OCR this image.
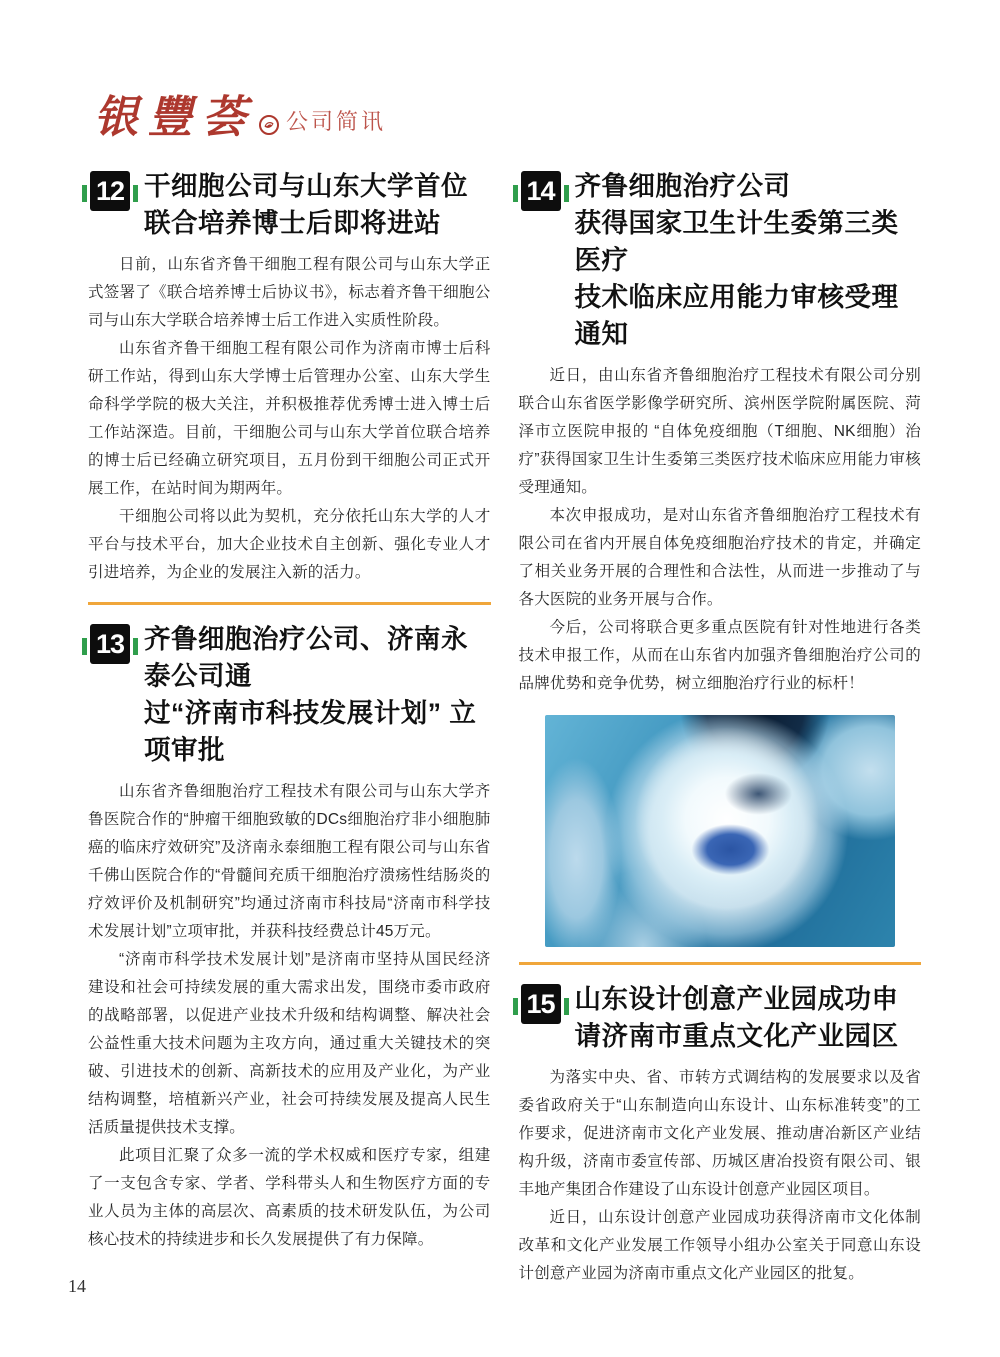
银豐荟 公司简讯
12 干细胞公司与山东大学首位
联合培养博士后即将进站

日前，山东省齐鲁干细胞工程有限公司与山东大学正式签署了《联合培养博士后协议书》，标志着齐鲁干细胞公司与山东大学联合培养博士后工作进入实质性阶段。

山东省齐鲁干细胞工程有限公司作为济南市博士后科研工作站，得到山东大学博士后管理办公室、山东大学生命科学学院的极大关注，并积极推荐优秀博士进入博士后工作站深造。目前，干细胞公司与山东大学首位联合培养的博士后已经确立研究项目，五月份到干细胞公司正式开展工作，在站时间为期两年。

干细胞公司将以此为契机，充分依托山东大学的人才平台与技术平台，加大企业技术自主创新、强化专业人才引进培养，为企业的发展注入新的活力。

13 齐鲁细胞治疗公司、济南永泰公司通
过“济南市科技发展计划” 立项审批

山东省齐鲁细胞治疗工程技术有限公司与山东大学齐鲁医院合作的“肿瘤干细胞致敏的DCs细胞治疗非小细胞肺癌的临床疗效研究”及济南永泰细胞工程有限公司与山东省千佛山医院合作的“骨髓间充质干细胞治疗溃疡性结肠炎的疗效评价及机制研究”均通过济南市科技局“济南市科学技术发展计划”立项审批，并获科技经费总计45万元。

“济南市科学技术发展计划”是济南市坚持从国民经济建设和社会可持续发展的重大需求出发，围绕市委市政府的战略部署，以促进产业技术升级和结构调整、解决社会公益性重大技术问题为主攻方向，通过重大关键技术的突破、引进技术的创新、高新技术的应用及产业化，为产业结构调整，培植新兴产业，社会可持续发展及提高人民生活质量提供技术支撑。

此项目汇聚了众多一流的学术权威和医疗专家，组建了一支包含专家、学者、学科带头人和生物医疗方面的专业人员为主体的高层次、高素质的技术研发队伍，为公司核心技术的持续进步和长久发展提供了有力保障。

14 齐鲁细胞治疗公司
获得国家卫生计生委第三类医疗
技术临床应用能力审核受理通知

近日，由山东省齐鲁细胞治疗工程技术有限公司分别联合山东省医学影像学研究所、滨州医学院附属医院、菏泽市立医院申报的 “自体免疫细胞（T细胞、NK细胞）治疗”获得国家卫生计生委第三类医疗技术临床应用能力审核受理通知。

本次申报成功，是对山东省齐鲁细胞治疗工程技术有限公司在省内开展自体免疫细胞治疗技术的肯定，并确定了相关业务开展的合理性和合法性，从而进一步推动了与各大医院的业务开展与合作。

今后，公司将联合更多重点医院有针对性地进行各类技术申报工作，从而在山东省内加强齐鲁细胞治疗公司的品牌优势和竞争优势，树立细胞治疗行业的标杆！

15 山东设计创意产业园成功申
请济南市重点文化产业园区

为落实中央、省、市转方式调结构的发展要求以及省委省政府关于“山东制造向山东设计、山东标准转变”的工作要求，促进济南市文化产业发展、推动唐冶新区产业结构升级，济南市委宣传部、历城区唐冶投资有限公司、银丰地产集团合作建设了山东设计创意产业园区项目。

近日，山东设计创意产业园成功获得济南市文化体制改革和文化产业发展工作领导小组办公室关于同意山东设计创意产业园为济南市重点文化产业园区的批复。

14
